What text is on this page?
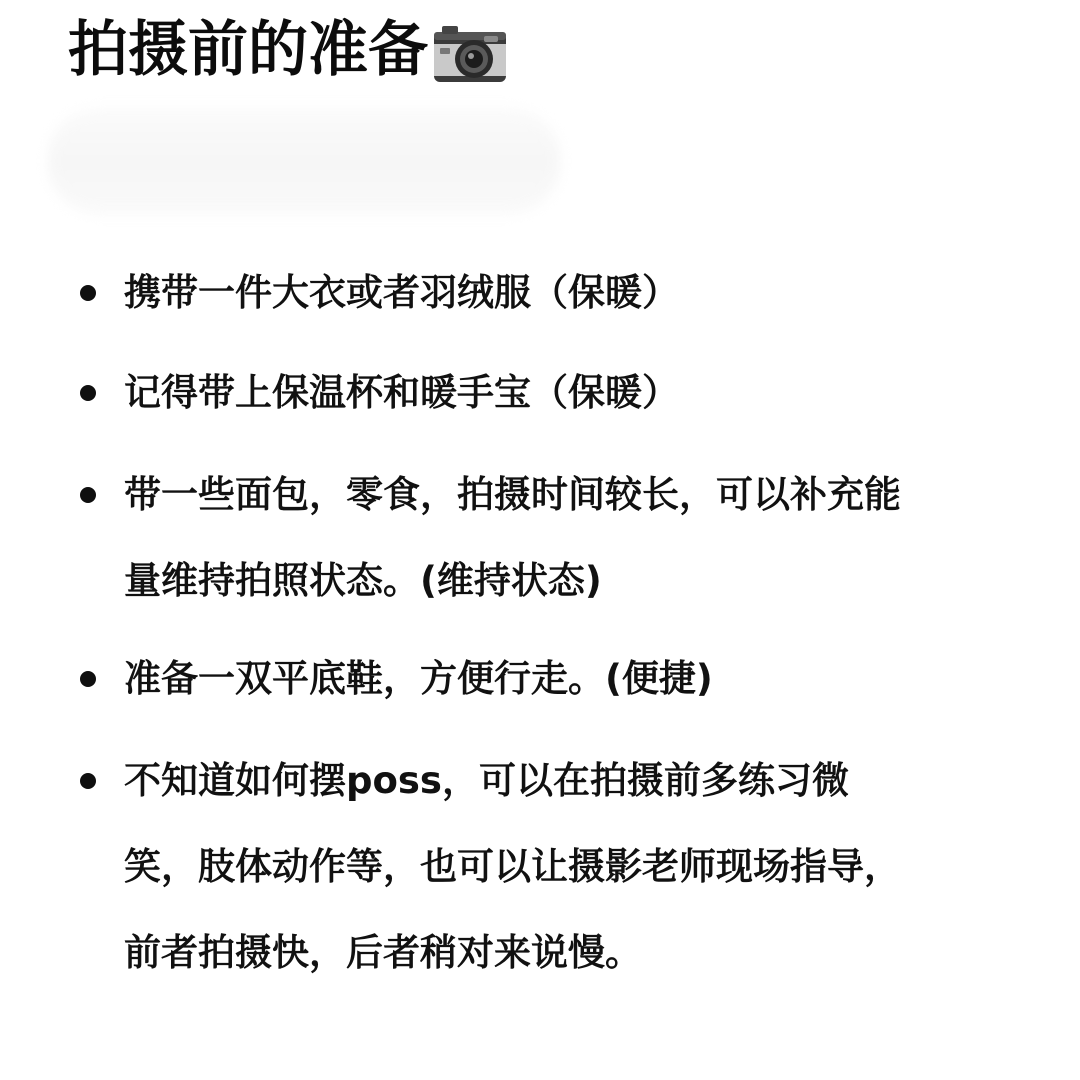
拍摄前的准备
携带一件大衣或者羽绒服（保暖）
记得带上保温杯和暖手宝（保暖）
带一些面包，零食，拍摄时间较长，可以补充能
量维持拍照状态。(维持状态)
准备一双平底鞋，方便行走。(便捷)
不知道如何摆poss，可以在拍摄前多练习微
笑，肢体动作等，也可以让摄影老师现场指导，
前者拍摄快，后者稍对来说慢。
